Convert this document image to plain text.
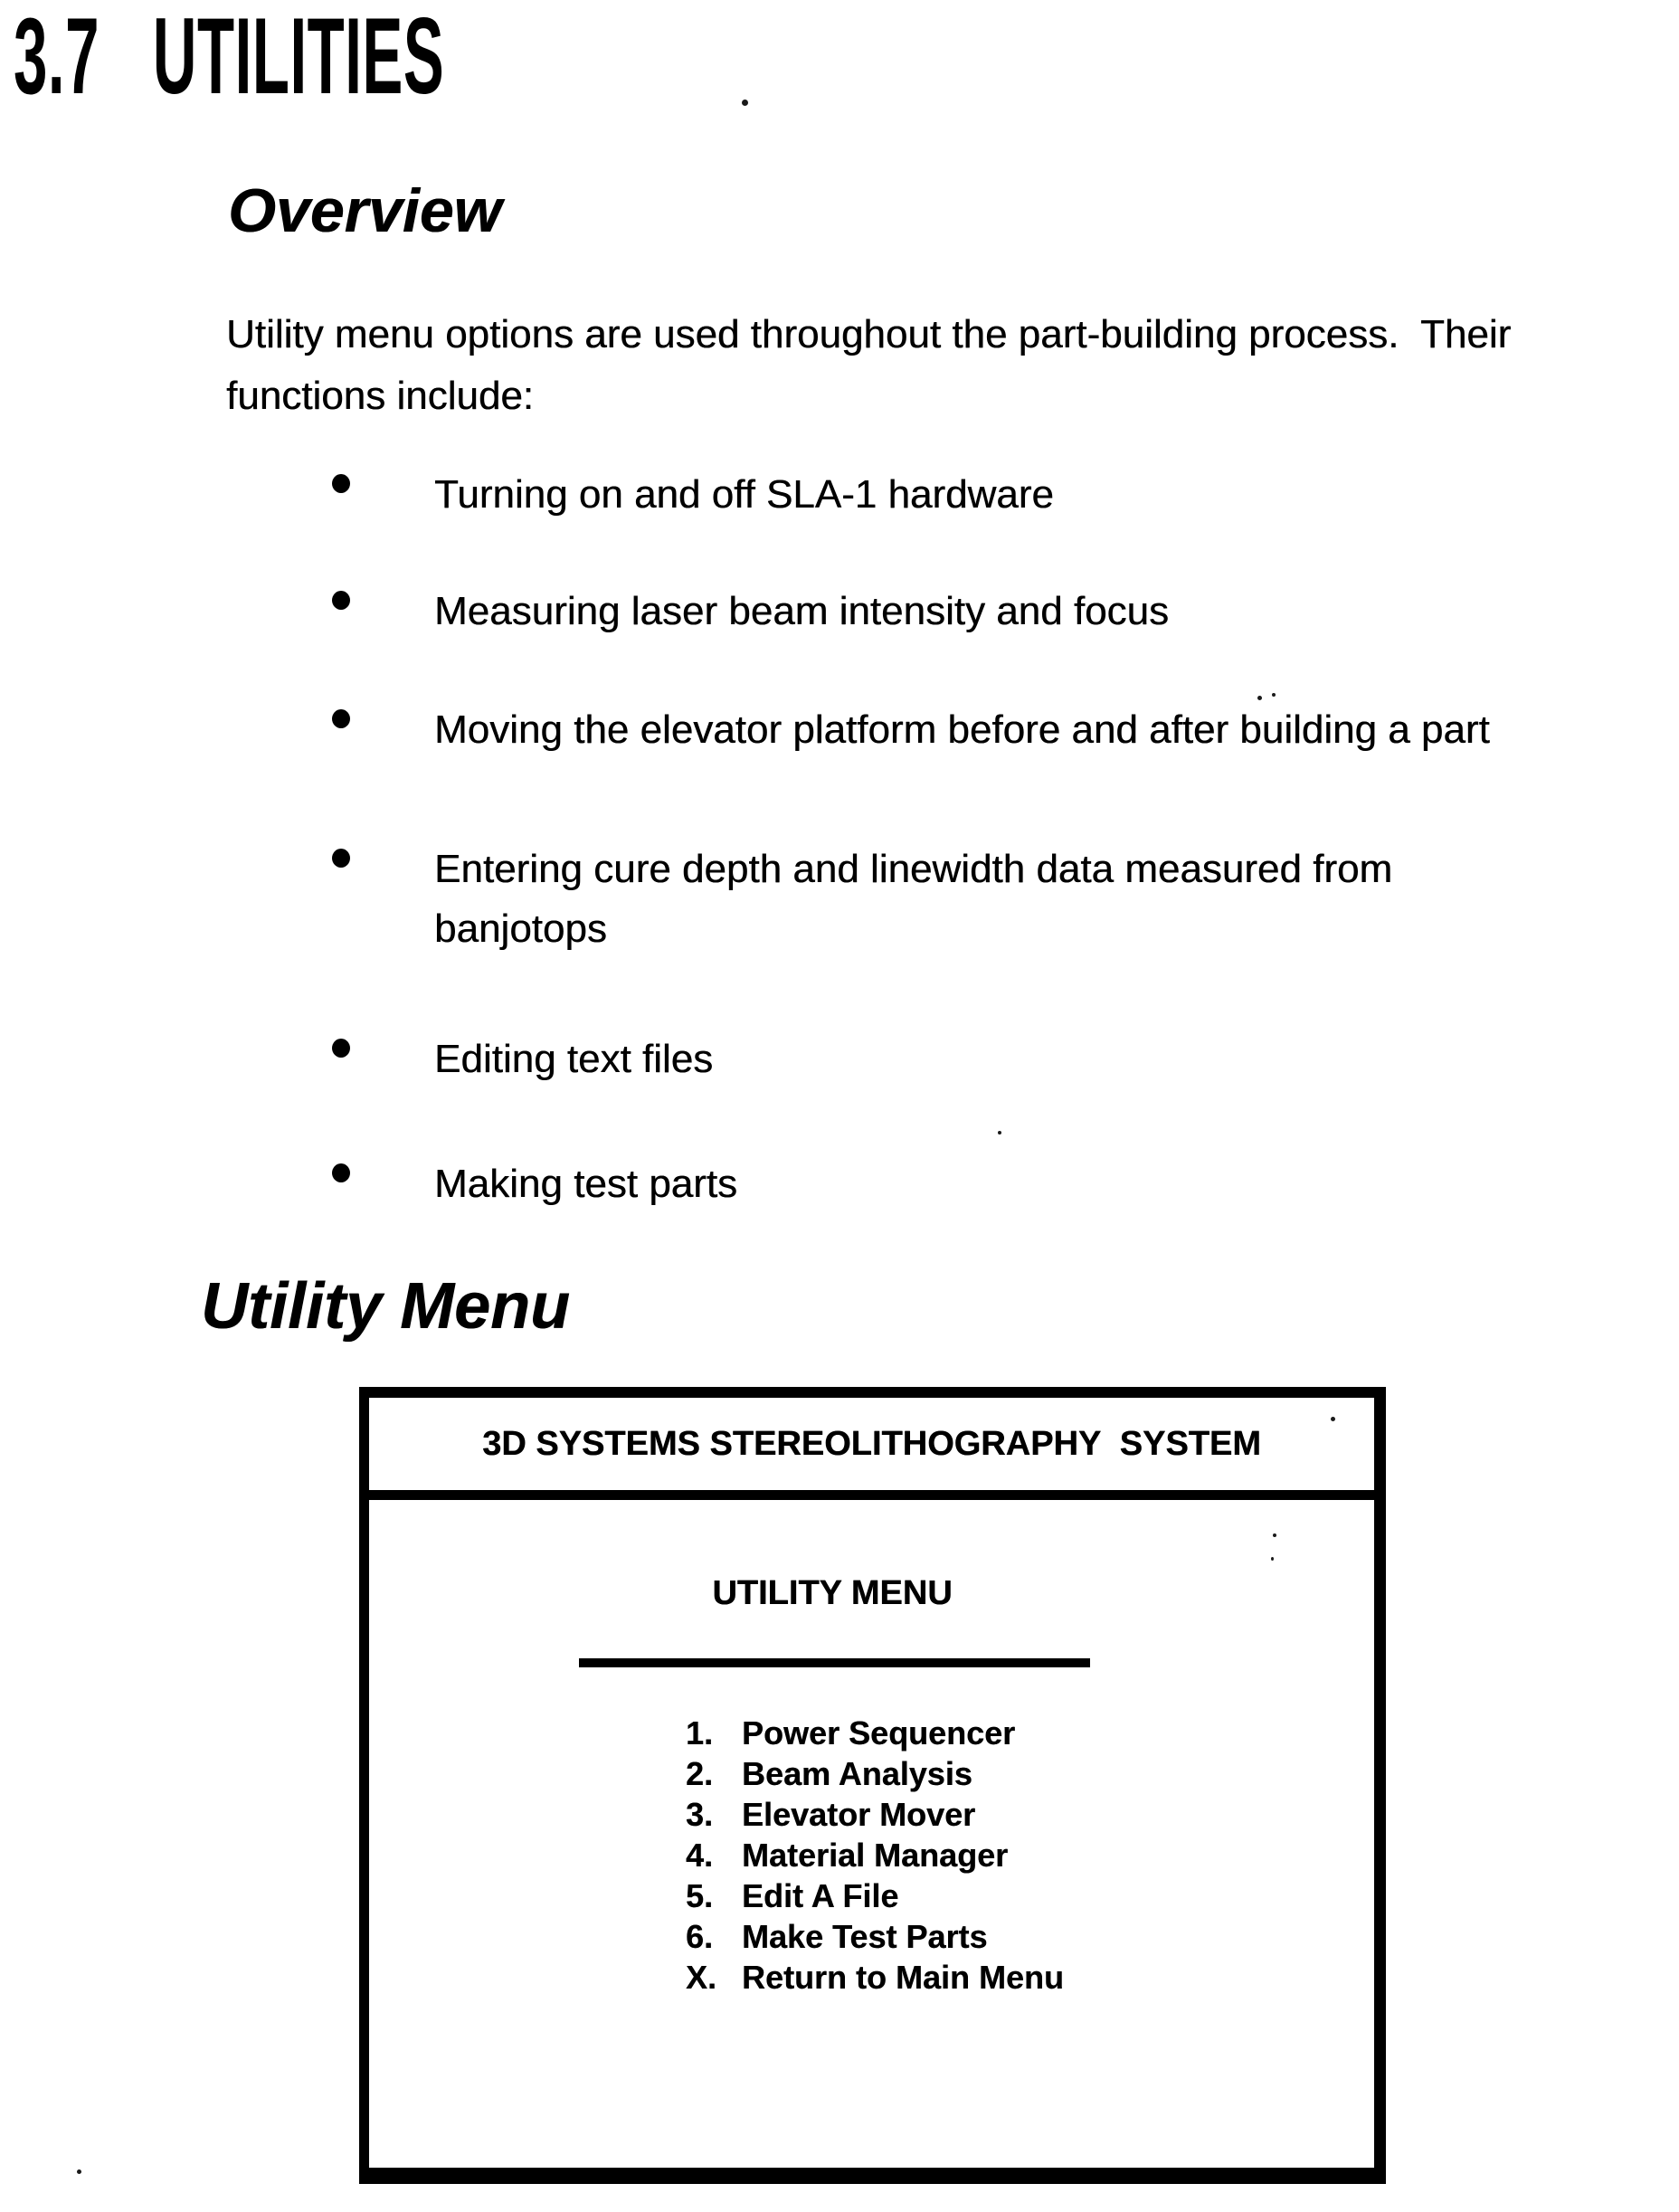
3.7 UTILITIES
Overview
Utility menu options are used throughout the part-building process.  Their
functions include:
Turning on and off SLA-1 hardware
Measuring laser beam intensity and focus
Moving the elevator platform before and after building a part
Entering cure depth and linewidth data measured from
banjotops
Editing text files
Making test parts
Utility Menu
3D SYSTEMS STEREOLITHOGRAPHY  SYSTEM
UTILITY MENU
1. Power Sequencer
2. Beam Analysis
3. Elevator Mover
4. Material Manager
5. Edit A File
6. Make Test Parts
X. Return to Main Menu
